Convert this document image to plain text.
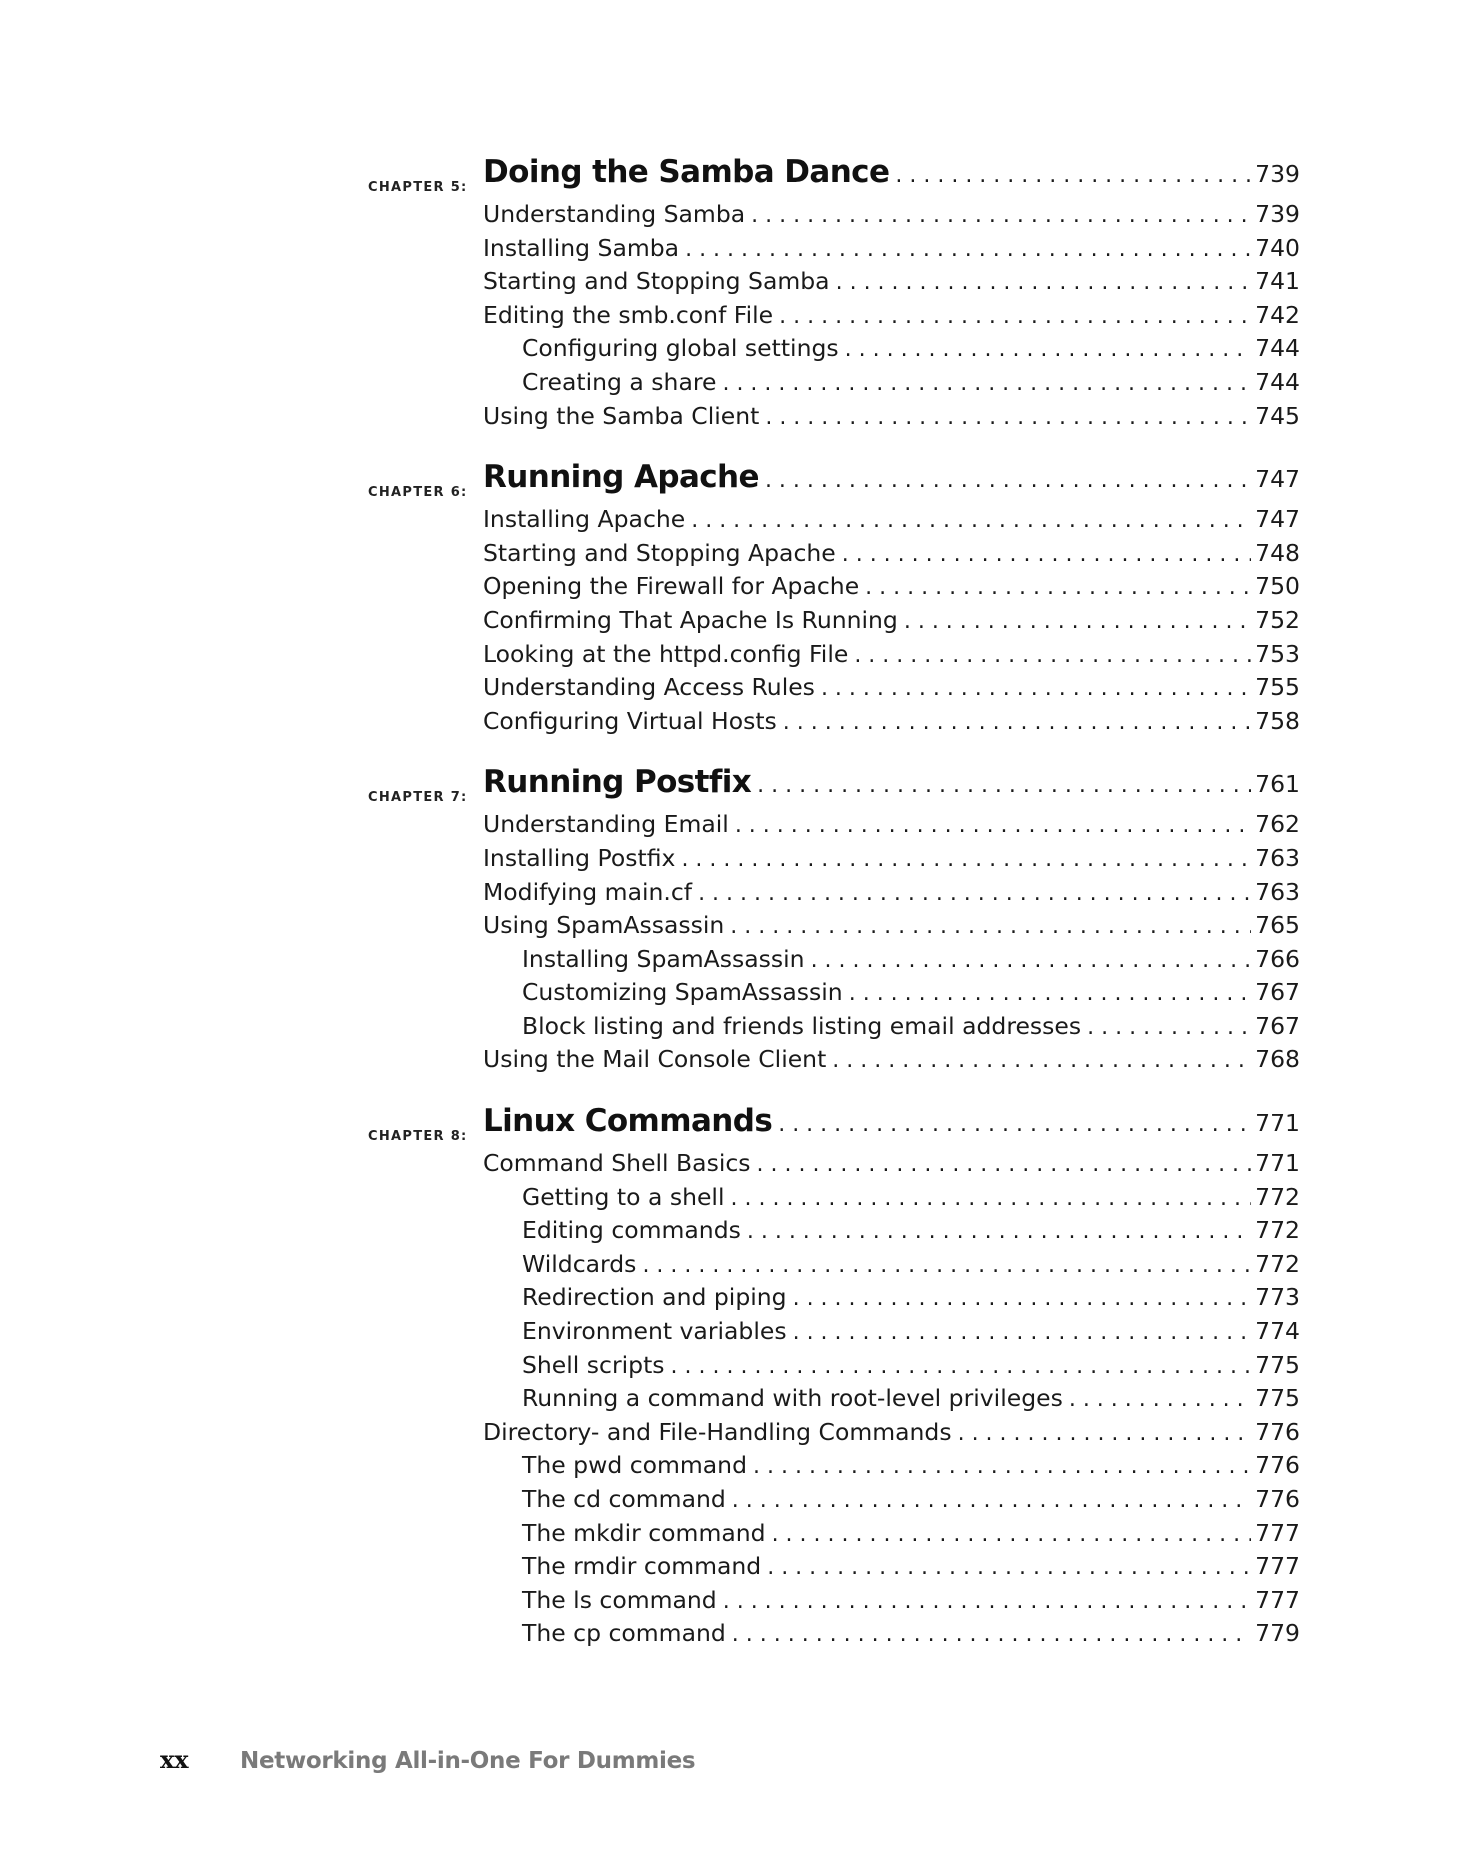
CHAPTER 5: Doing the Samba Dance . . .	739
Understanding Samba . . .	739
Installing Samba . . .	740
Starting and Stopping Samba . . .	741
Editing the smb.conf File . . .	742
Configuring global settings . . .	744
Creating a share . . .	744
Using the Samba Client . . .	745
CHAPTER 6: Running Apache . . .	747
Installing Apache . . .	747
Starting and Stopping Apache . . .	748
Opening the Firewall for Apache . . .	750
Confirming That Apache Is Running . . .	752
Looking at the httpd.config File . . .	753
Understanding Access Rules . . .	755
Configuring Virtual Hosts . . .	758
CHAPTER 7: Running Postfix . . .	761
Understanding Email . . .	762
Installing Postfix . . .	763
Modifying main.cf . . .	763
Using SpamAssassin . . .	765
Installing SpamAssassin . . .	766
Customizing SpamAssassin . . .	767
Block listing and friends listing email addresses . . .	767
Using the Mail Console Client . . .	768
CHAPTER 8: Linux Commands . . .	771
Command Shell Basics . . .	771
Getting to a shell . . .	772
Editing commands . . .	772
Wildcards . . .	772
Redirection and piping . . .	773
Environment variables . . .	774
Shell scripts . . .	775
Running a command with root-level privileges . . .	775
Directory- and File-Handling Commands . . .	776
The pwd command . . .	776
The cd command . . .	776
The mkdir command . . .	777
The rmdir command . . .	777
The ls command . . .	777
The cp command . . .	779
xx	Networking All-in-One For Dummies
